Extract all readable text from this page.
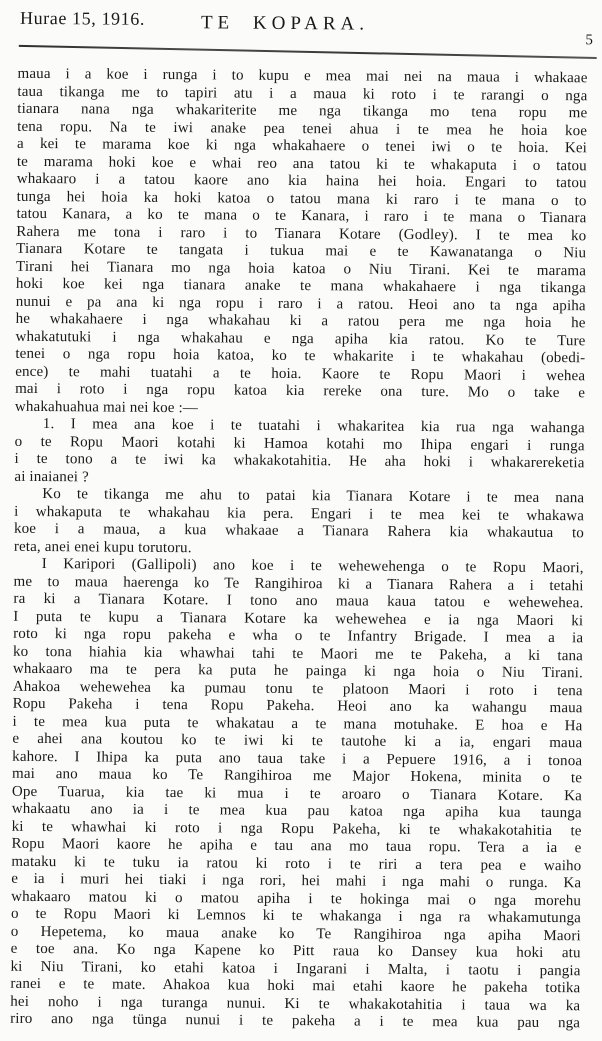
Hurae 15, 1916.	TE KOPARA.
5
maua i a koe i runga i to kupu e mea mai nei na maua i whakaae
taua tikanga me to tapiri atu i a maua ki roto i te rarangi o nga
tianara nana nga whakariterite me nga tikanga mo tena ropu me
tena ropu. Na te iwi anake pea tenei ahua i te mea he hoia koe
a kei te marama koe ki nga whakahaere o tenei iwi o te hoia. Kei
te marama hoki koe e whai reo ana tatou ki te whakaputa i o tatou
whakaaro i a tatou kaore ano kia haina hei hoia. Engari to tatou
tunga hei hoia ka hoki katoa o tatou mana ki raro i te mana o to
tatou Kanara, a ko te mana o te Kanara, i raro i te mana o Tianara
Rahera me tona i raro i to Tianara Kotare (Godley). I te mea ko
Tianara Kotare te tangata i tukua mai e te Kawanatanga o Niu
Tirani hei Tianara mo nga hoia katoa o Niu Tirani. Kei te marama
hoki koe kei nga tianara anake te mana whakahaere i nga tikanga
nunui e pa ana ki nga ropu i raro i a ratou. Heoi ano ta nga apiha
he whakahaere i nga whakahau ki a ratou pera me nga hoia he
whakatutuki i nga whakahau e nga apiha kia ratou. Ko te Ture
tenei o nga ropu hoia katoa, ko te whakarite i te whakahau (obedi-
ence) te mahi tuatahi a te hoia. Kaore te Ropu Maori i wehea
mai i roto i nga ropu katoa kia rereke ona ture. Mo o take e
whakahuahua mai nei koe :—
1. I mea ana koe i te tuatahi i whakaritea kia rua nga wahanga
o te Ropu Maori kotahi ki Hamoa kotahi mo Ihipa engari i runga
i te tono a te iwi ka whakakotahitia. He aha hoki i whakarereketia
ai inaianei ?
Ko te tikanga me ahu to patai kia Tianara Kotare i te mea nana
i whakaputa te whakahau kia pera. Engari i te mea kei te whakawa
koe i a maua, a kua whakaae a Tianara Rahera kia whakautua to
reta, anei enei kupu torutoru.
I Karipori (Gallipoli) ano koe i te wehewehenga o te Ropu Maori,
me to maua haerenga ko Te Rangihiroa ki a Tianara Rahera a i tetahi
ra ki a Tianara Kotare. I tono ano maua kaua tatou e wehewehea.
I puta te kupu a Tianara Kotare ka wehewehea e ia nga Maori ki
roto ki nga ropu pakeha e wha o te Infantry Brigade. I mea a ia
ko tona hiahia kia whawhai tahi te Maori me te Pakeha, a ki tana
whakaaro ma te pera ka puta he painga ki nga hoia o Niu Tirani.
Ahakoa wehewehea ka pumau tonu te platoon Maori i roto i tena
Ropu Pakeha i tena Ropu Pakeha. Heoi ano ka wahangu maua
i te mea kua puta te whakatau a te mana motuhake. E hoa e Ha
e ahei ana koutou ko te iwi ki te tautohe ki a ia, engari maua
kahore. I Ihipa ka puta ano taua take i a Pepuere 1916, a i tonoa
mai ano maua ko Te Rangihiroa me Major Hokena, minita o te
Ope Tuarua, kia tae ki mua i te aroaro o Tianara Kotare. Ka
whakaatu ano ia i te mea kua pau katoa nga apiha kua taunga
ki te whawhai ki roto i nga Ropu Pakeha, ki te whakakotahitia te
Ropu Maori kaore he apiha e tau ana mo taua ropu. Tera a ia e
mataku ki te tuku ia ratou ki roto i te riri a tera pea e waiho
e ia i muri hei tiaki i nga rori, hei mahi i nga mahi o runga. Ka
whakaaro matou ki o matou apiha i te hokinga mai o nga morehu
o te Ropu Maori ki Lemnos ki te whakanga i nga ra whakamutunga
o Hepetema, ko maua anake ko Te Rangihiroa nga apiha Maori
e toe ana. Ko nga Kapene ko Pitt raua ko Dansey kua hoki atu
ki Niu Tirani, ko etahi katoa i Ingarani i Malta, i taotu i pangia
ranei e te mate. Ahakoa kua hoki mai etahi kaore he pakeha totika
hei noho i nga turanga nunui. Ki te whakakotahitia i taua wa ka
riro ano nga tünga nunui i te pakeha a i te mea kua pau nga
